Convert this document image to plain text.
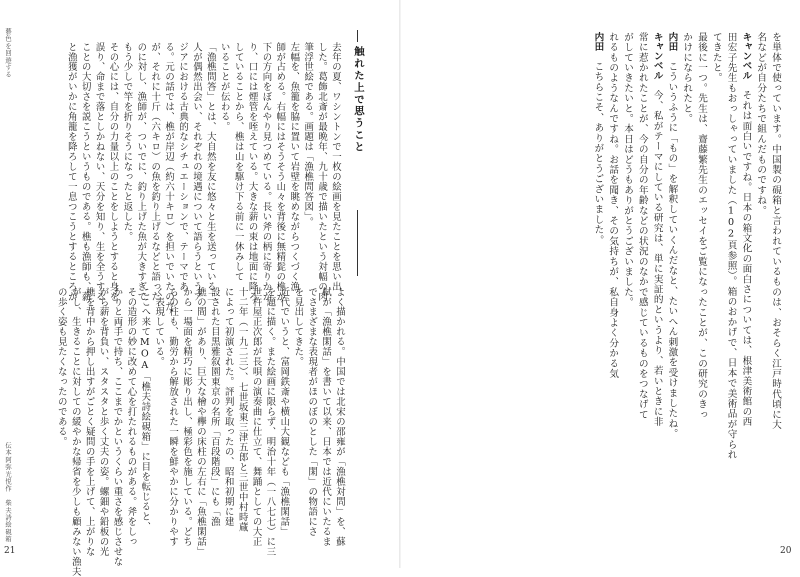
藝色を回遊する
伝本阿弥光悦作　柴夫詩絵硯箱
21
触れた上で思うこと
去年の夏、ワシントンで一枚の絵画を見たことを思い出
した。葛飾北斎が最晩年、九十歳で描いたという対幅の肉
筆浮世絵である。画題は「漁樵問答図」。
左幅を、魚籠を脇に置いて岩壁を眺めながらつくづく漁
師が占める。右幅にはそうそう山々を背後に無精髭の樵が
下の方向をぼんやり見つめている。長い斧の柄に寄りかか
り、口には煙管を咥えている。大きな薪の束は地面に降ろ
していることから、樵は山を駆け下る前に一休みして
いることが伝わる。
「漁樵問答」とは、大自然を友に悠々と生を送っている二
人が偶然出会い、それぞれの境遇について語らうというア
ジアにおける古典的なシチュエーションで、テーマであ
る。元の話では、樵が岸辺（約六十キロ）を担いでいたのだ
が、それに十斤（六キロ）の魚を釣り上げるなどと語った
のに対し、漁師が、ついでに、釣り上げた魚が大きすぎて
もう少しで竿を折りそうになったと返した。
その心には、自分の力量以上のことをしようとすると身を
誤り、命まで落としかねない、天分を知り、生を全うする
ことの大切さを説こうというものである。樵も漁師も、薪
と漁獲がいかに角籠を降ろして一息つこうとするところが
よく描かれる。中国では北宋の邵雍が「漁樵対問」を、蘇
軾が「漁樵閑話」を書いて以来、日本では近代にいたるま
でさまざまな表現者がほのぼのとした「閑」の物語にさ
を見出してきた。
近代でいうと、富岡鉄斎や横山大観なども「漁樵閑話」
を題に描く。また絵画に限らず、明治十年（一八七七）に三
世杵屋正次郎が長唄の演奏曲に仕立て、舞踊としての大正
十二年（一九二三）、七世坂東三津五郎と三世中村時蔵
によって初演された。評判を取ったの、昭和初期に建
設された目黒雅叙園東京の名所「百段階段」にも「漁
樵の間」があり、巨大な檜や欅の床柱の左右に「魚樵閑話」
から一場面を精巧に彫り出し、極彩色を施している。どち
らの柱も、勤労から解放された一瞬を鮮やかに分かりやす
く表現している。
ここへ来てMOA「樵夫詩絵硯箱」に目を転じると、
その造形の妙に改めて心を打たれるものがある。斧をしっ
かりと両手で持ち、ここまでかというくらい重さを感じさせな
がら薪を背負い、スタスタと歩く丈夫の姿。螺鈿や鉛板の光
樵を背中から押し出すがごとく疑問の手を上げて、上がりな
がし、生きることに対しての緩やかな帰省を少しも顧みない漁夫
の歩く姿も見たくなったのである。	を単体で使っています。中国製の硯箱と言われているものは、おそらく江戸時代頃に大
名などが自分たちで組んだものですね。
キャンベル　それは面白いですね。日本の箱文化の面白さについては、根津美術館の西
田宏子先生もおっしゃっていました（102頁参照）。箱のおかげで、日本で美術品が守られ
てきたと。
最後に一つ。先生は、齋藤繁先生のエッセイをご覧になったことが、この研究のきっ
かけになられたと。
内田　こういうふうに「もの」を解釈していくんだなと、たいへん刺激を受けましたね。
キャンベル　今、私がテーマにしている研究は、単に実証的というより、若いときに非
常に惹かれたことが、今の自分の年齢などの状況のなかで感じているものをつなげて
がしていきたいと。本日はどうもありがとうございました。
れるものようなんですね。お話を聞き、その気持ちが、私自身よく分かる気
内田　こちらこそ、ありがとうございました。
20
